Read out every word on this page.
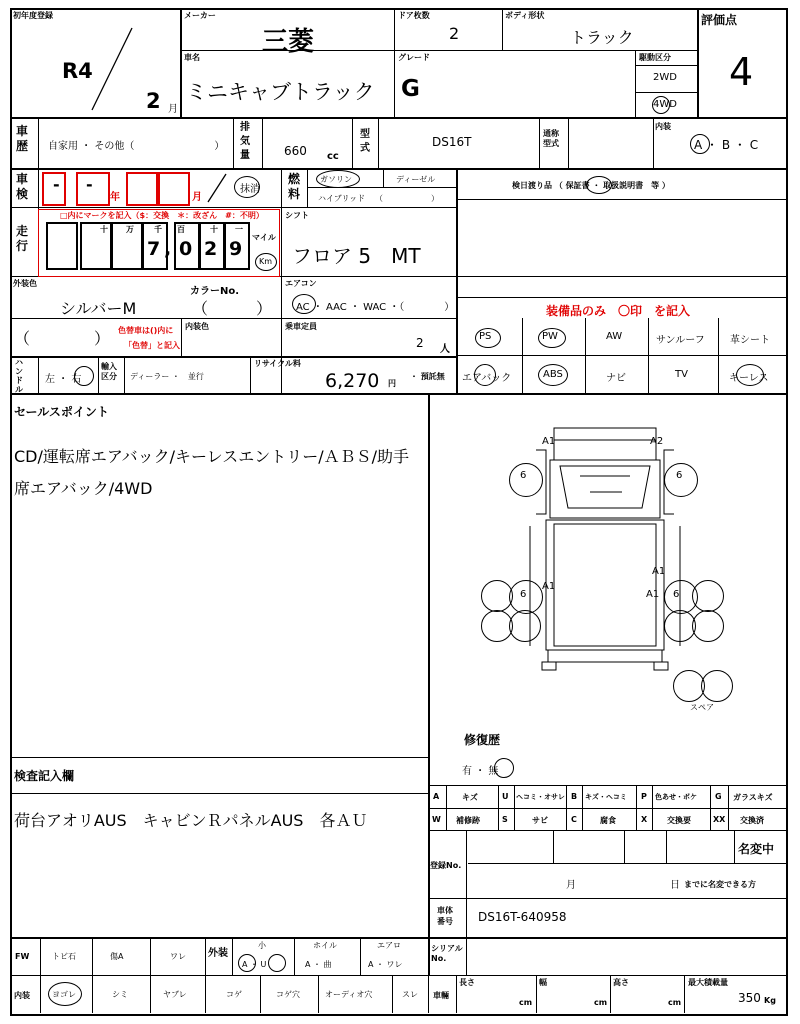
初年度登録
R4
2 月
メーカー
三菱
ドア枚数
2
ボディ形状
トラック
評価点
4
車名
ミニキャブトラック
グレード
G
駆動区分
2WD
4WD
車歴 自家用 ・ その他（　　　　　　　　）
排気量	660 cc
型式	DS16T
通称型式
内装
A ・ B ・ C
車検 - -
年	月
抹消
燃料
ガソリン	ディーゼル
ハイブリッド （　　　　　　）
検日渡り品 （ 保証書 ・ 取扱説明書　等 ）
走行
□内にマークを記入（$：交換　＊：改ざん　#：不明）
十 万	千 百	十 一
7 , 0 2 9
マイル
Km
シフト
フロア 5　MT
外装色
シルバーM
カラーNo.
（　　　）
エアコン
AC ・ AAC ・ WAC ・（　　　　）	装備品のみ　〇印　を記入
（　　　　） 色替車は()内に
「色替」と記入
内装色	乗車定員
2 人
PS	PW	AW	サンルーフ	革シート
エアバック	ABS	ナビ	TV	キーレス
ハンドル
左 ・ 右
輸入区分	ディーラー ・　並行
リサイクル料
6,270 円
・ 預託無
セールスポイント
CD/運転席エアバック/キーレスエントリー/ＡＢＳ/助手
席エアバック/4WD
検査記入欄
荷台アオリAUS　キャビンＲパネルAUS　各ＡＵ
6	6
6	6
A1	A2
A1
A1
A1
スペア
修復歴
有 ・ 無
A	キズ	U ヘコミ・オサレ B キズ・ヘコミ P 色あせ・ボケ G ガラスキズ
W 補修跡	S	サビ	C	腐食	X 交換要	XX 交換済
登録No.
名変中
月	日 までに名変できる方
車体番号	DS16T-640958
FW	トビ石	傷A	ワレ 外装
小
A ・ U
ホイル
A ・ 曲
エアロ
A ・ ワレ
シリアルNo.
内装	ヨゴレ	シミ	ヤブレ	コゲ	コゲ穴	オーディオ穴	スレ 車輛
長さ
cm
幅
cm
高さ
cm
最大積載量
350 Kg
